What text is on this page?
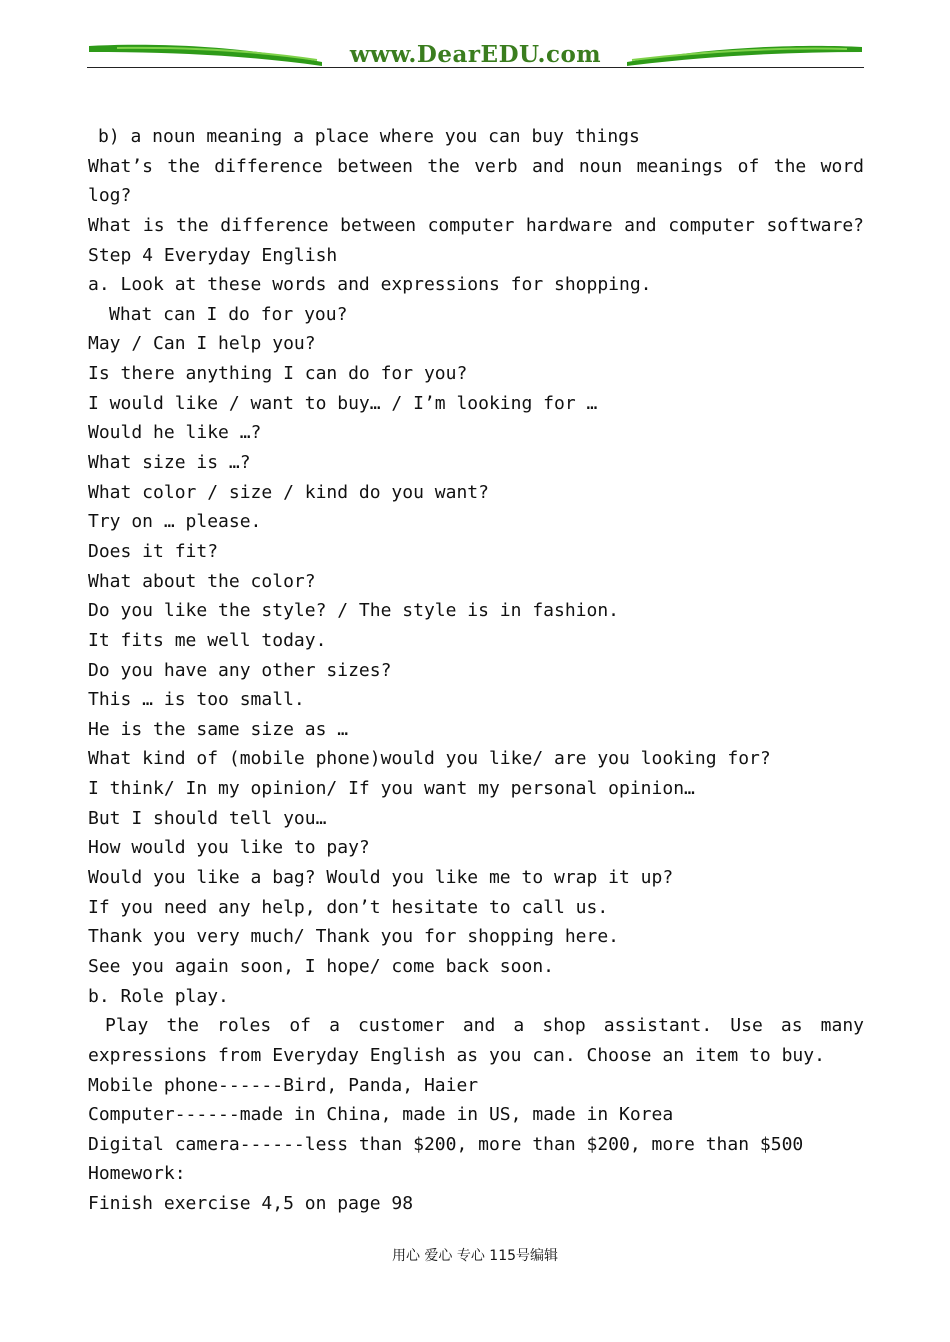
www.DearEDU.com
b) a noun meaning a place where you can buy things
What’s the difference between the verb and noun meanings of the word
log?
What is the difference between computer hardware and computer software?
Step 4 Everyday English
a. Look at these words and expressions for shopping.
What can I do for you?
May / Can I help you?
Is there anything I can do for you?
I would like / want to buy… / I’m looking for …
Would he like …?
What size is …?
What color / size / kind do you want?
Try on … please.
Does it fit?
What about the color?
Do you like the style? / The style is in fashion.
It fits me well today.
Do you have any other sizes?
This … is too small.
He is the same size as …
What kind of (mobile phone)would you like/ are you looking for?
I think/ In my opinion/ If you want my personal opinion…
But I should tell you…
How would you like to pay?
Would you like a bag? Would you like me to wrap it up?
If you need any help, don’t hesitate to call us.
Thank you very much/ Thank you for shopping here.
See you again soon, I hope/ come back soon.
b. Role play.
Play the roles of a customer and a shop assistant. Use as many
expressions from Everyday English as you can. Choose an item to buy.
Mobile phone------Bird, Panda, Haier
Computer------made in China, made in US, made in Korea
Digital camera------less than $200, more than $200, more than $500
Homework:
Finish exercise 4,5 on page 98
用心 爱心 专心 115号编辑
